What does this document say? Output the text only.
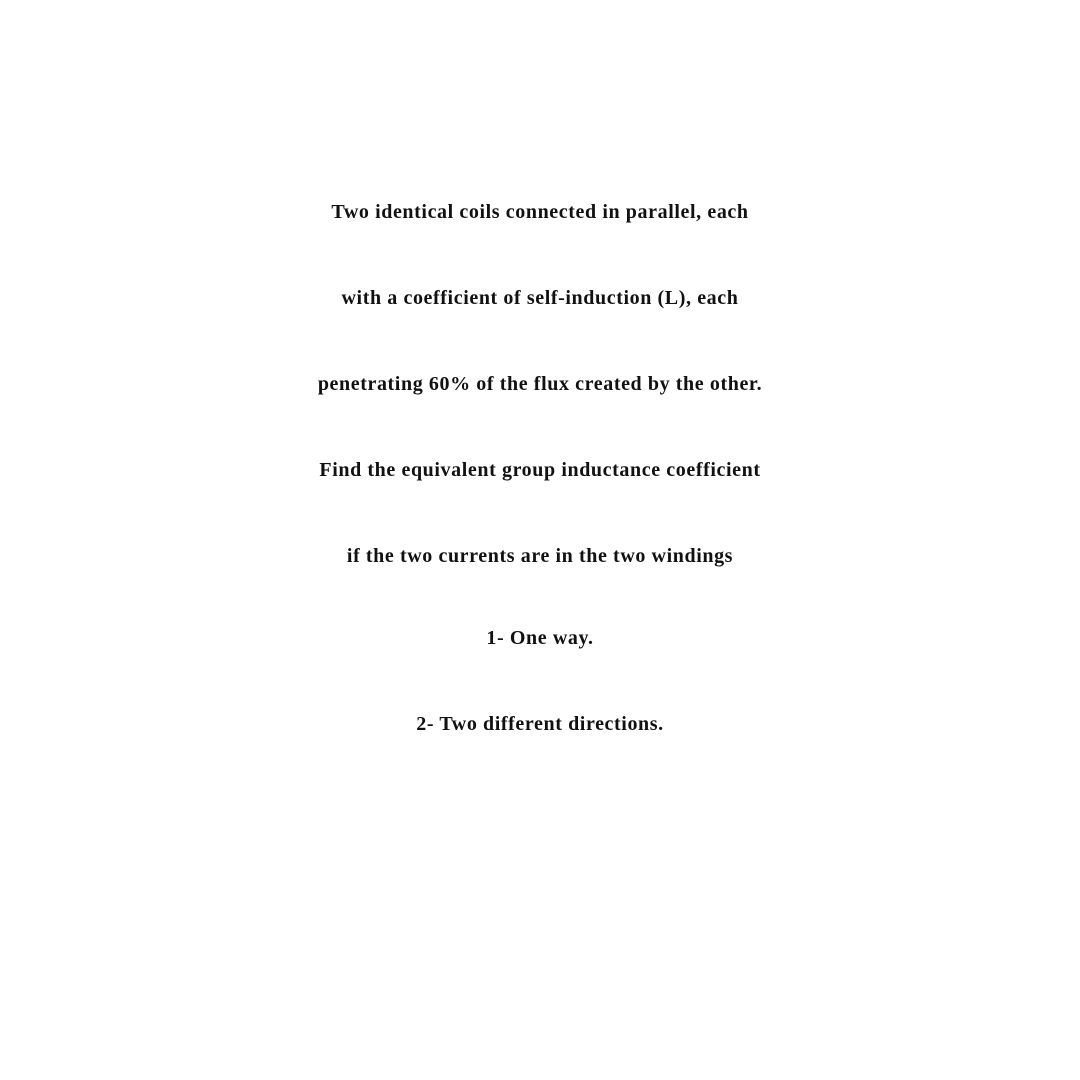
Two identical coils connected in parallel, each
with a coefficient of self-induction (L), each
penetrating 60% of the flux created by the other.
Find the equivalent group inductance coefficient
if the two currents are in the two windings
1- One way.
2- Two different directions.
